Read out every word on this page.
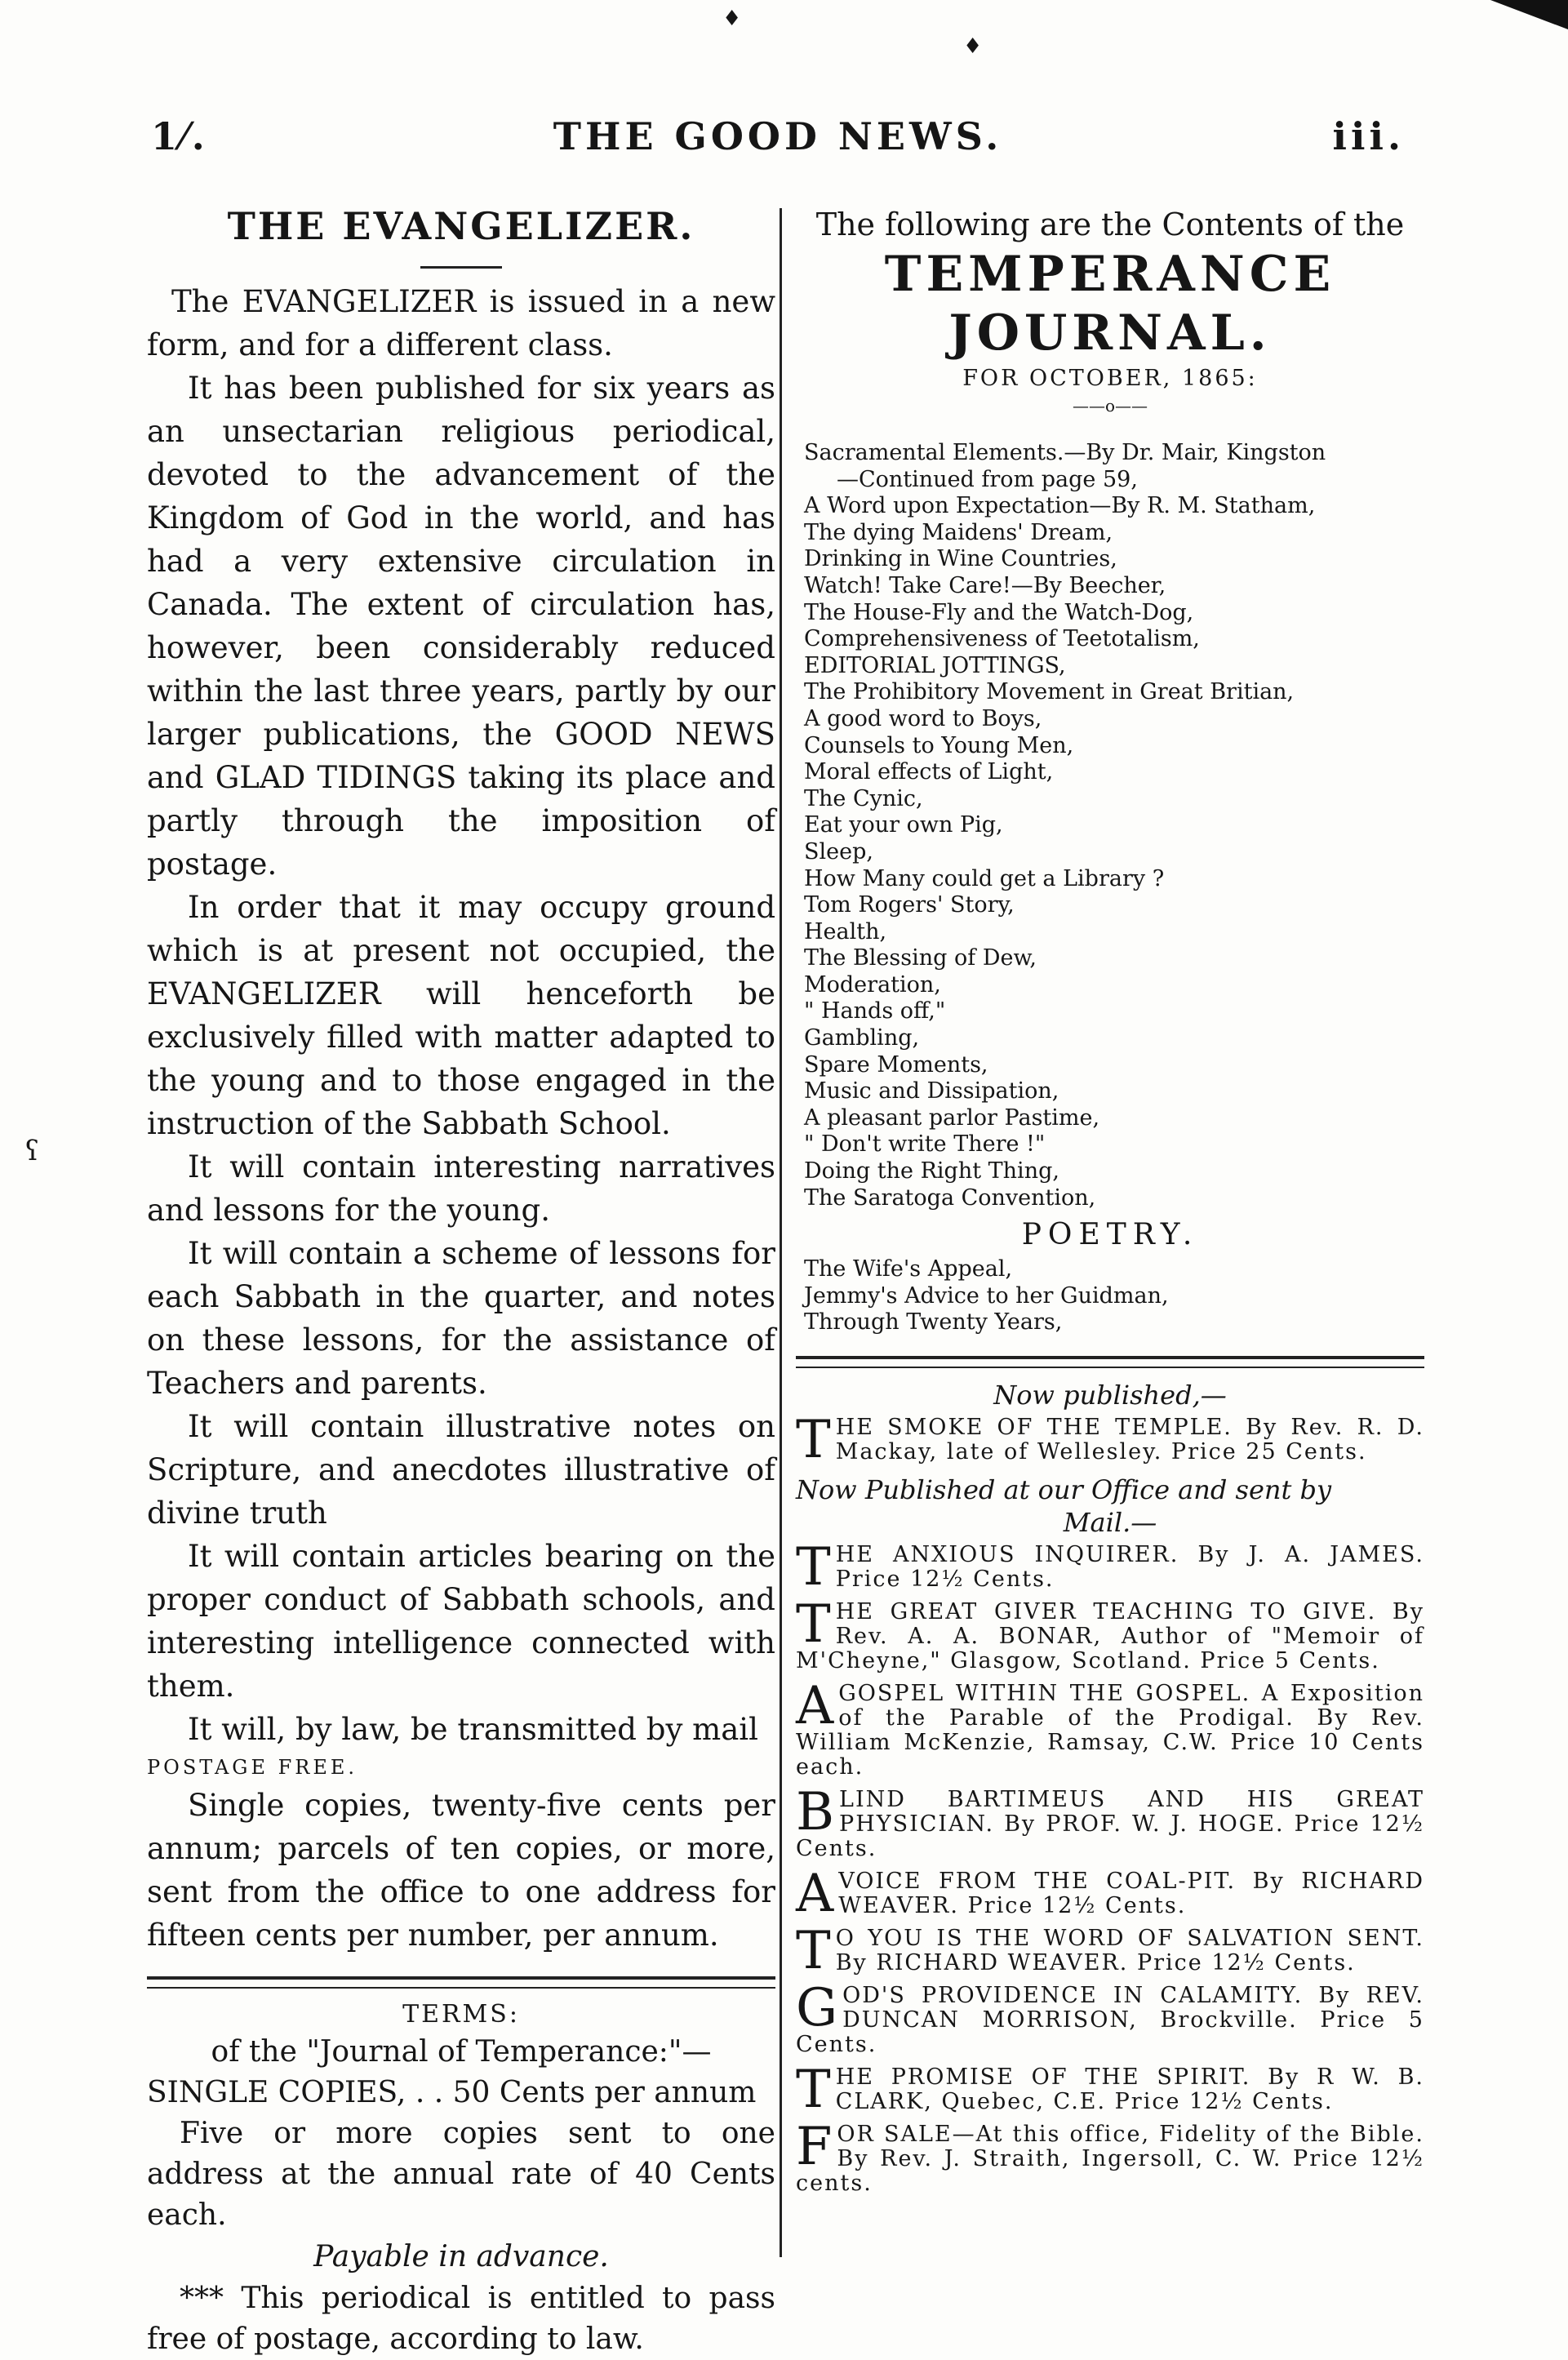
♦
♦
ʕ
1⁄.	THE GOOD NEWS.	iii.
THE EVANGELIZER.

The EVANGELIZER is issued in a new form, and for a different class.

It has been published for six years as an unsectarian religious periodical, devoted to the advancement of the Kingdom of God in the world, and has had a very extensive circulation in Canada. The extent of circulation has, however, been considerably reduced within the last three years, partly by our larger publications, the GOOD NEWS and GLAD TIDINGS taking its place and partly through the imposition of postage.

In order that it may occupy ground which is at present not occupied, the EVANGELIZER will henceforth be exclusively filled with matter adapted to the young and to those engaged in the instruction of the Sabbath School.

It will contain interesting narratives and lessons for the young.

It will contain a scheme of lessons for each Sabbath in the quarter, and notes on these lessons, for the assistance of Teachers and parents.

It will contain illustrative notes on Scripture, and anecdotes illustrative of divine truth

It will contain articles bearing on the proper conduct of Sabbath schools, and interesting intelligence connected with them.

It will, by law, be transmitted by mail

POSTAGE FREE.

Single copies, twenty-five cents per annum; parcels of ten copies, or more, sent from the office to one address for fifteen cents per number, per annum.

TERMS:

of the "Journal of Temperance:"—

SINGLE COPIES, . . 50 Cents per annum

Five or more copies sent to one address at the annual rate of 40 Cents each.

Payable in advance.

*** This periodical is entitled to pass free of postage, according to law.

The following are the Contents of the

TEMPERANCE JOURNAL.

FOR OCTOBER, 1865:

——o——
Sacramental Elements.—By Dr. Mair, Kingston
—Continued from page 59,
A Word upon Expectation—By R. M. Statham,
The dying Maidens' Dream,
Drinking in Wine Countries,
Watch! Take Care!—By Beecher,
The House-Fly and the Watch-Dog,
Comprehensiveness of Teetotalism,
EDITORIAL JOTTINGS,
The Prohibitory Movement in Great Britian,
A good word to Boys,
Counsels to Young Men,
Moral effects of Light,
The Cynic,
Eat your own Pig,
Sleep,
How Many could get a Library ?
Tom Rogers' Story,
Health,
The Blessing of Dew,
Moderation,
" Hands off,"
Gambling,
Spare Moments,
Music and Dissipation,
A pleasant parlor Pastime,
" Don't write There !"
Doing the Right Thing,
The Saratoga Convention,
POETRY.
The Wife's Appeal,
Jemmy's Advice to her Guidman,
Through Twenty Years,

Now published,—

T HE SMOKE OF THE TEMPLE. By Rev. R. D. Mackay, late of Wellesley. Price 25 Cents.

Now Published at our Office and sent by

Mail.—

T HE ANXIOUS INQUIRER. By J. A. JAMES. Price 12½ Cents.
T HE GREAT GIVER TEACHING TO GIVE. By Rev. A. A. BONAR, Author of "Memoir of M'Cheyne," Glasgow, Scotland. Price 5 Cents.
A GOSPEL WITHIN THE GOSPEL. A Exposition of the Parable of the Prodigal. By Rev. William McKenzie, Ramsay, C.W. Price 10 Cents each.
B LIND BARTIMEUS AND HIS GREAT PHYSICIAN. By PROF. W. J. HOGE. Price 12½ Cents.
A VOICE FROM THE COAL-PIT. By RICHARD WEAVER. Price 12½ Cents.
T O YOU IS THE WORD OF SALVATION SENT. By RICHARD WEAVER. Price 12½ Cents.
G OD'S PROVIDENCE IN CALAMITY. By REV. DUNCAN MORRISON, Brockville. Price 5 Cents.
T HE PROMISE OF THE SPIRIT. By R W. B. CLARK, Quebec, C.E. Price 12½ Cents.
F OR SALE—At this office, Fidelity of the Bible. By Rev. J. Straith, Ingersoll, C. W. Price 12½ cents.
